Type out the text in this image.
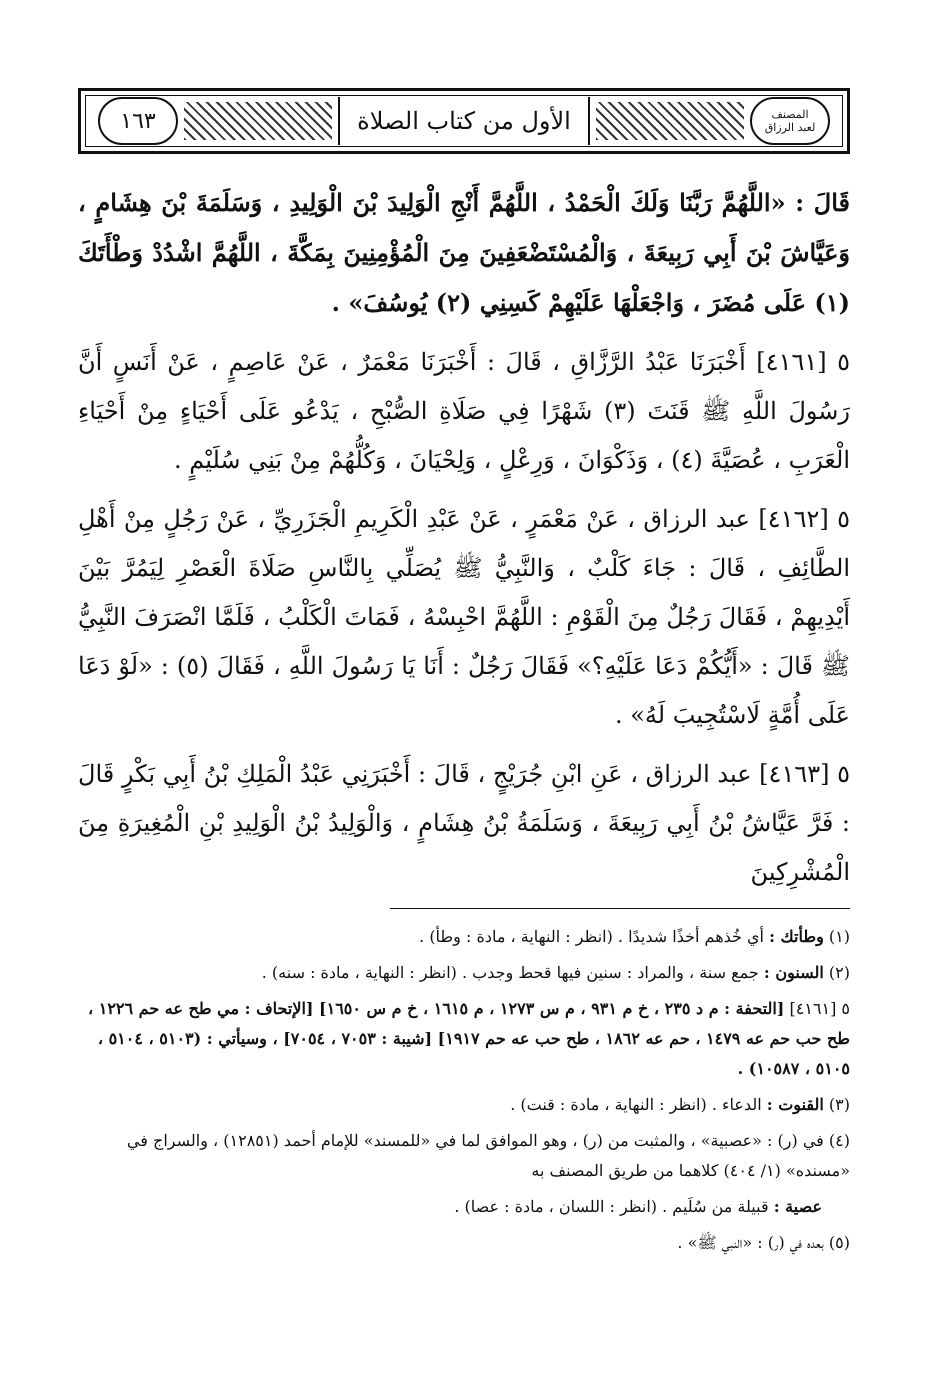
المصنف
لعبد الرزاق
الأول من كتاب الصلاة
١٦٣

قَالَ : «اللَّهُمَّ رَبَّنَا وَلَكَ الْحَمْدُ ، اللَّهُمَّ أَنْجِ الْوَلِيدَ بْنَ الْوَلِيدِ ، وَسَلَمَةَ بْنَ هِشَامٍ ، وَعَيَّاشَ بْنَ أَبِي رَبِيعَةَ ، وَالْمُسْتَضْعَفِينَ مِنَ الْمُؤْمِنِينَ بِمَكَّةَ ، اللَّهُمَّ اشْدُدْ وَطْأَتَكَ (١) عَلَى مُضَرَ ، وَاجْعَلْهَا عَلَيْهِمْ كَسِنِي (٢) يُوسُفَ» .

٥ [٤١٦١] أَخْبَرَنَا عَبْدُ الرَّزَّاقِ ، قَالَ : أَخْبَرَنَا مَعْمَرٌ ، عَنْ عَاصِمٍ ، عَنْ أَنَسٍ أَنَّ رَسُولَ اللَّهِ ﷺ قَنَتَ (٣) شَهْرًا فِي صَلَاةِ الصُّبْحِ ، يَدْعُو عَلَى أَحْيَاءٍ مِنْ أَحْيَاءِ الْعَرَبِ ، عُصَيَّةَ (٤) ، وَذَكْوَانَ ، وَرِعْلٍ ، وَلِحْيَانَ ، وَكُلُّهُمْ مِنْ بَنِي سُلَيْمٍ .

٥ [٤١٦٢] عبد الرزاق ، عَنْ مَعْمَرٍ ، عَنْ عَبْدِ الْكَرِيمِ الْجَزَرِيِّ ، عَنْ رَجُلٍ مِنْ أَهْلِ الطَّائِفِ ، قَالَ : جَاءَ كَلْبٌ ، وَالنَّبِيُّ ﷺ يُصَلِّي بِالنَّاسِ صَلَاةَ الْعَصْرِ لِيَمُرَّ بَيْنَ أَيْدِيهِمْ ، فَقَالَ رَجُلٌ مِنَ الْقَوْمِ : اللَّهُمَّ احْبِسْهُ ، فَمَاتَ الْكَلْبُ ، فَلَمَّا انْصَرَفَ النَّبِيُّ ﷺ قَالَ : «أَيُّكُمْ دَعَا عَلَيْهِ؟» فَقَالَ رَجُلٌ : أَنَا يَا رَسُولَ اللَّهِ ، فَقَالَ (٥) : «لَوْ دَعَا عَلَى أُمَّةٍ لَاسْتُجِيبَ لَهُ» .

٥ [٤١٦٣] عبد الرزاق ، عَنِ ابْنِ جُرَيْجٍ ، قَالَ : أَخْبَرَنِي عَبْدُ الْمَلِكِ بْنُ أَبِي بَكْرٍ قَالَ : فَرَّ عَيَّاشُ بْنُ أَبِي رَبِيعَةَ ، وَسَلَمَةُ بْنُ هِشَامٍ ، وَالْوَلِيدُ بْنُ الْوَلِيدِ بْنِ الْمُغِيرَةِ مِنَ الْمُشْرِكِينَ

(١) وطأتك : أي خُذهم أخذًا شديدًا . (انظر : النهاية ، مادة : وطأ) .

(٢) السنون : جمع سنة ، والمراد : سنين فيها قحط وجدب . (انظر : النهاية ، مادة : سنه) .

٥ [٤١٦١] [التحفة : م د ٢٣٥ ، خ م ٩٣١ ، م س ١٢٧٣ ، م ١٦١٥ ، خ م س ١٦٥٠] [الإتحاف : مي طح عه حم ١٢٢٦ ، طح حب حم عه ١٤٧٩ ، حم عه ١٨٦٢ ، طح حب عه حم ١٩١٧] [شيبة : ٧٠٥٣ ، ٧٠٥٤] ، وسيأتي : (٥١٠٣ ، ٥١٠٤ ، ٥١٠٥ ، ١٠٥٨٧) .

(٣) القنوت : الدعاء . (انظر : النهاية ، مادة : قنت) .

(٤) في (ر) : «عصبية» ، والمثبت من (ر) ، وهو الموافق لما في «للمسند» للإمام أحمد (١٢٨٥١) ، والسراج في «مسنده» (١/ ٤٠٤) كلاهما من طريق المصنف به

عصية : قبيلة من سُلَيم . (انظر : اللسان ، مادة : عصا) .

(٥) بعده في (ر) : «النبي ﷺ» .
